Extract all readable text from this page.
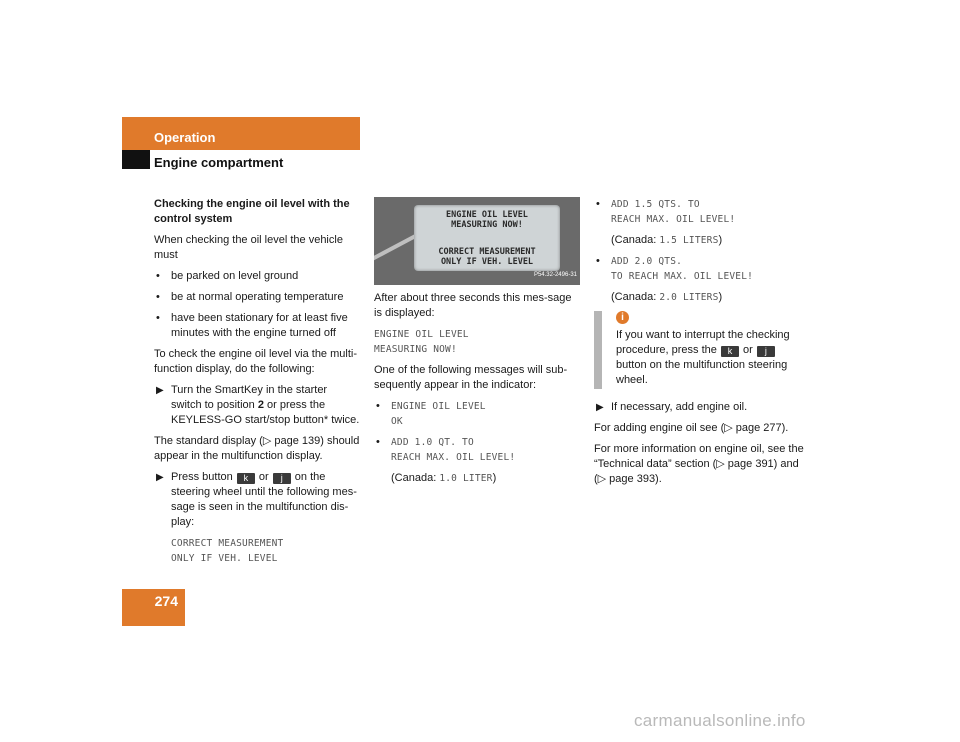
Operation
Engine compartment
274

Checking the engine oil level with the control system

When checking the oil level the vehicle must

• be parked on level ground
• be at normal operating temperature
• have been stationary for at least five minutes with the engine turned off

To check the engine oil level via the multi-function display, do the following:

▶ Turn the SmartKey in the starter switch to position 2 or press the KEYLESS-GO start/stop button* twice.

The standard display (▷ page 139) should appear in the multifunction display.

▶ Press button k or j on the steering wheel until the following mes-sage is seen in the multifunction dis-play:
CORRECT MEASUREMENT
ONLY IF VEH. LEVEL
ENGINE OIL LEVEL
MEASURING NOW!
CORRECT MEASUREMENT
ONLY IF VEH. LEVEL
P54.32-2496-31

After about three seconds this mes-sage is displayed:

ENGINE OIL LEVEL
MEASURING NOW!

One of the following messages will sub-sequently appear in the indicator:

• ENGINE OIL LEVEL
OK
• ADD 1.0 QT. TO
REACH MAX. OIL LEVEL!
(Canada: 1.0 LITER)
• ADD 1.5 QTS. TO
REACH MAX. OIL LEVEL!
(Canada: 1.5 LITERS)
• ADD 2.0 QTS.
TO REACH MAX. OIL LEVEL!
(Canada: 2.0 LITERS)
i
If you want to interrupt the checking procedure, press the k or j button on the multifunction steering wheel.
▶ If necessary, add engine oil.

For adding engine oil see (▷ page 277).

For more information on engine oil, see the “Technical data” section (▷ page 391) and (▷ page 393).

carmanualsonline.info
